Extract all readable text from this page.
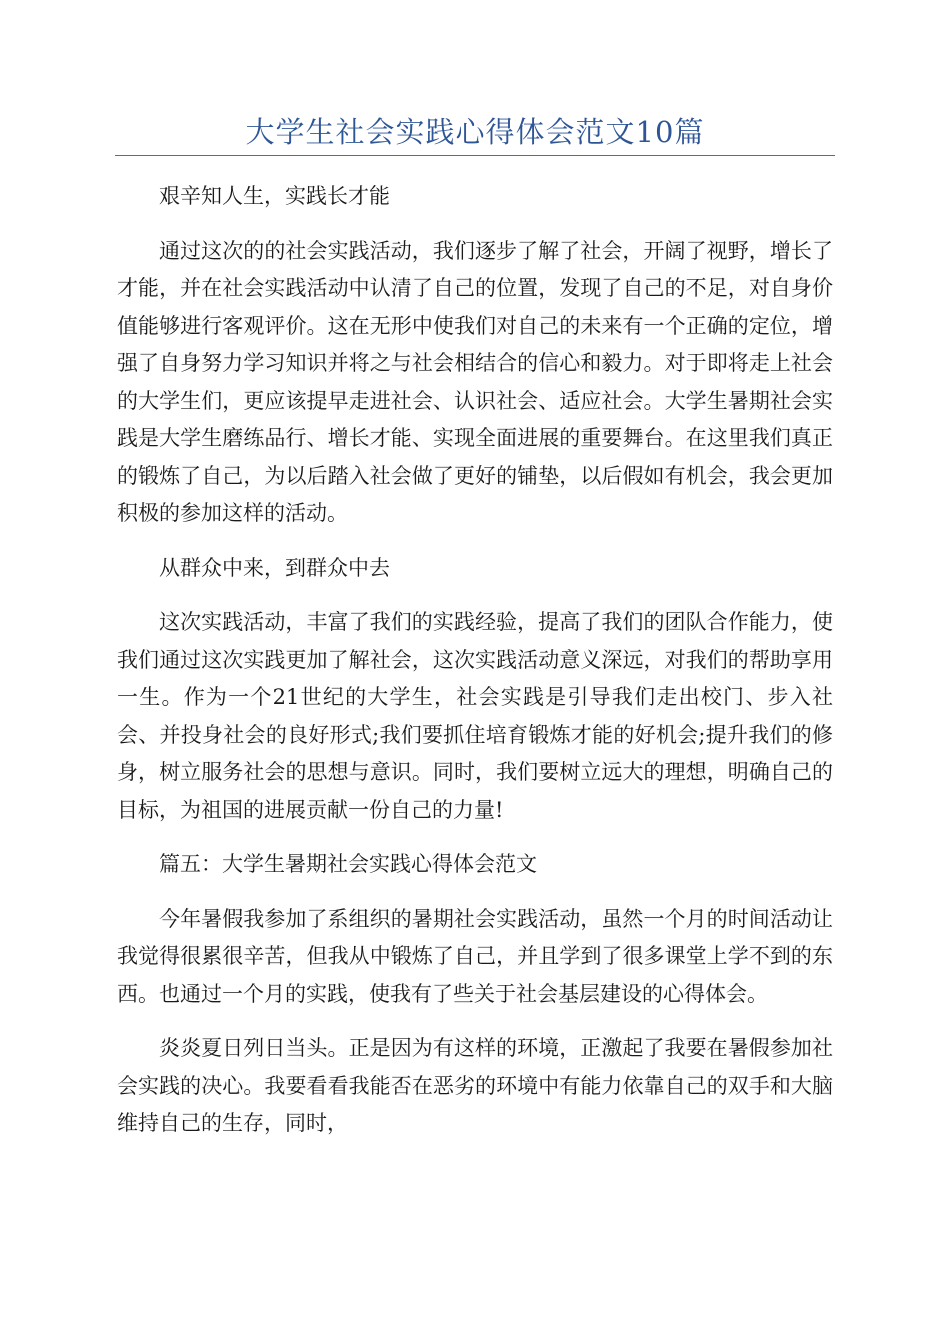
大学生社会实践心得体会范文10篇

艰辛知人生，实践长才能

通过这次的的社会实践活动，我们逐步了解了社会，开阔了视野，增长了才能，并在社会实践活动中认清了自己的位置，发现了自己的不足，对自身价值能够进行客观评价。这在无形中使我们对自己的未来有一个正确的定位，增强了自身努力学习知识并将之与社会相结合的信心和毅力。对于即将走上社会的大学生们，更应该提早走进社会、认识社会、适应社会。大学生暑期社会实践是大学生磨练品行、增长才能、实现全面进展的重要舞台。在这里我们真正的锻炼了自己，为以后踏入社会做了更好的铺垫，以后假如有机会，我会更加积极的参加这样的活动。

从群众中来，到群众中去

这次实践活动，丰富了我们的实践经验，提高了我们的团队合作能力，使我们通过这次实践更加了解社会，这次实践活动意义深远，对我们的帮助享用一生。作为一个21世纪的大学生，社会实践是引导我们走出校门、步入社会、并投身社会的良好形式;我们要抓住培育锻炼才能的好机会;提升我们的修身，树立服务社会的思想与意识。同时，我们要树立远大的理想，明确自己的目标，为祖国的进展贡献一份自己的力量!

篇五：大学生暑期社会实践心得体会范文

今年暑假我参加了系组织的暑期社会实践活动，虽然一个月的时间活动让我觉得很累很辛苦，但我从中锻炼了自己，并且学到了很多课堂上学不到的东西。也通过一个月的实践，使我有了些关于社会基层建设的心得体会。

炎炎夏日列日当头。正是因为有这样的环境，正激起了我要在暑假参加社会实践的决心。我要看看我能否在恶劣的环境中有能力依靠自己的双手和大脑维持自己的生存，同时，
